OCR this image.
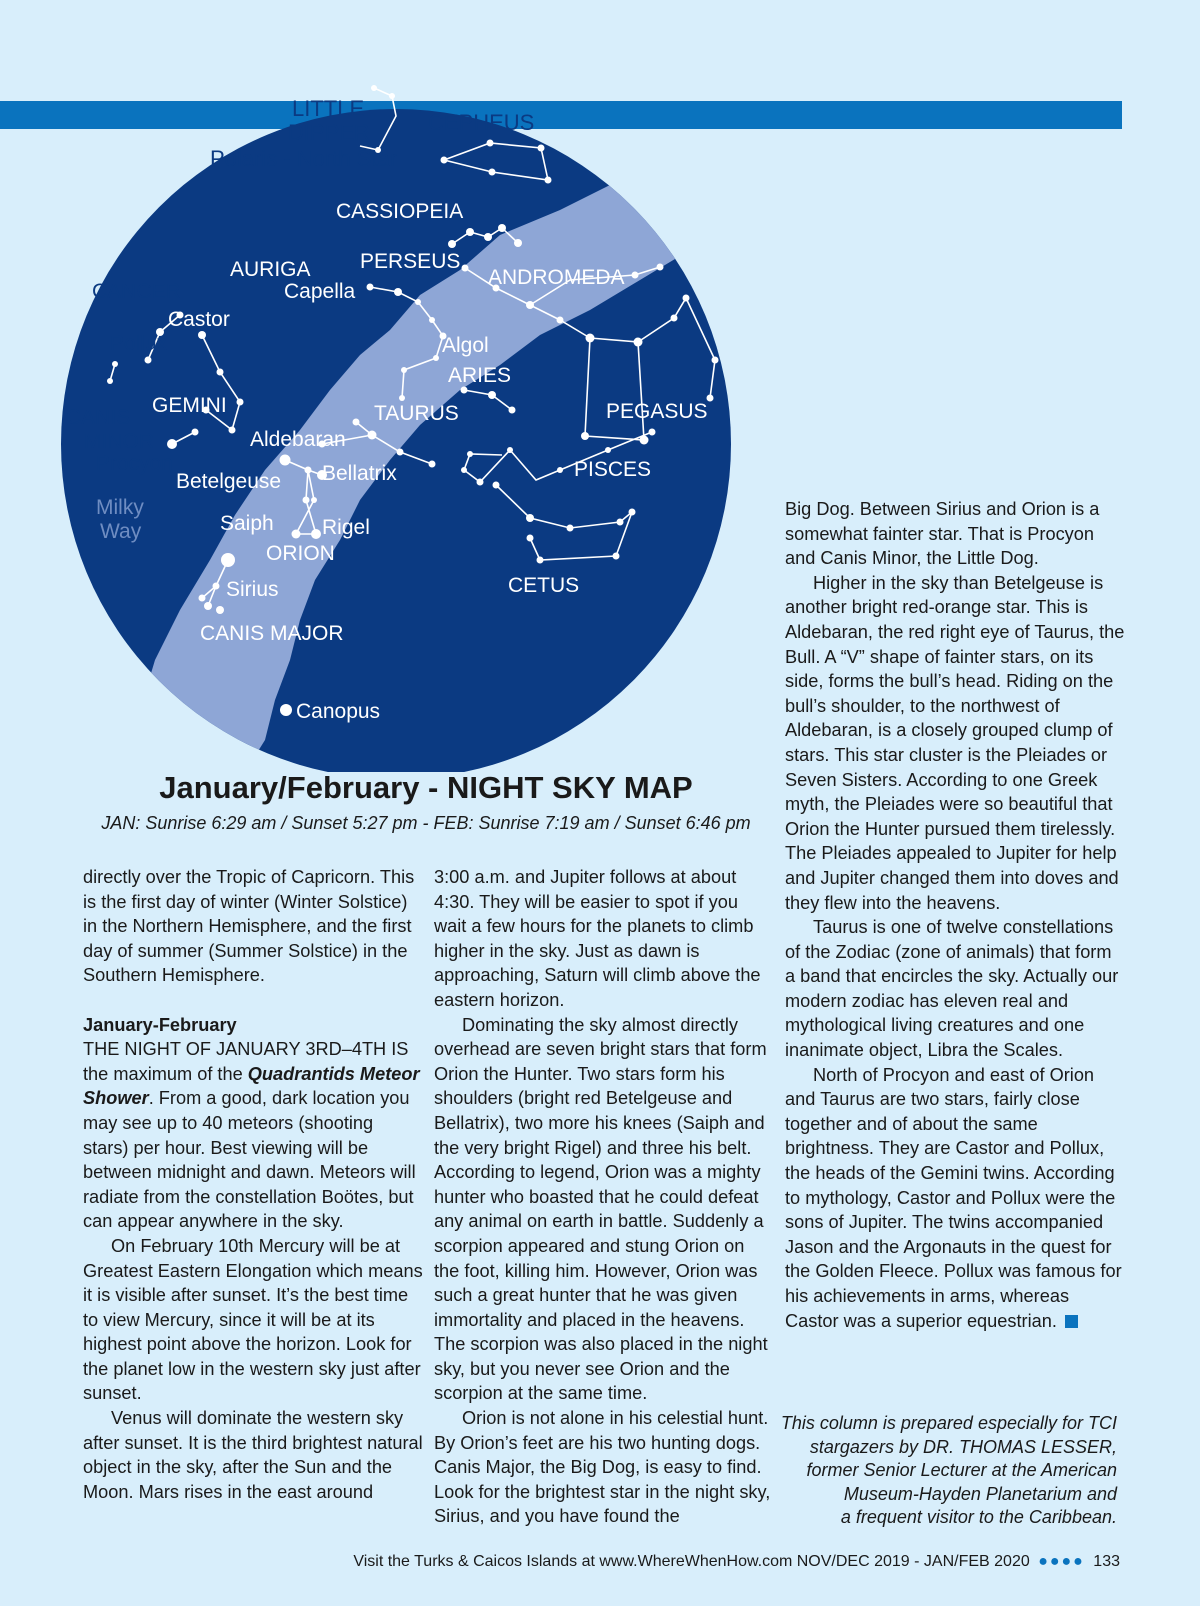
LITTLE
DIPPER
Polaris - North Star
CEPHEUS
CASSIOPEIA
AURIGA
Capella
PERSEUS
ANDROMEDA
CANCER
Castor
Pollux	Algol
ARIES
CANIS
MINOR
GEMINI	TAURUS	PEGASUS
Aldebaran
Procyon	Bellatrix	PISCES
Betelgeuse
Milky
Way	Saiph Rigel
ORION
Sirius	CETUS
CANIS MAJOR
Canopus
January/February - NIGHT SKY MAP
JAN: Sunrise 6:29 am / Sunset 5:27 pm - FEB: Sunrise 7:19 am / Sunset 6:46 pm

directly over the Tropic of Capricorn. This is the first day of winter (Winter Solstice) in the Northern Hemisphere, and the first day of summer (Summer Solstice) in the Southern Hemisphere.

January-February

THE NIGHT OF JANUARY 3RD–4TH IS the maximum of the Quadrantids Meteor Shower. From a good, dark location you may see up to 40 meteors (shooting stars) per hour. Best viewing will be between midnight and dawn. Meteors will radiate from the constellation Boötes, but can appear anywhere in the sky.

On February 10th Mercury will be at Greatest Eastern Elongation which means it is visible after sunset. It’s the best time to view Mercury, since it will be at its highest point above the horizon. Look for the planet low in the western sky just after sunset.

Venus will dominate the western sky after sunset. It is the third brightest natural object in the sky, after the Sun and the Moon. Mars rises in the east around

3:00 a.m. and Jupiter follows at about 4:30. They will be easier to spot if you wait a few hours for the planets to climb higher in the sky. Just as dawn is approaching, Saturn will climb above the eastern horizon.

Dominating the sky almost directly overhead are seven bright stars that form Orion the Hunter. Two stars form his shoulders (bright red Betelgeuse and Bellatrix), two more his knees (Saiph and the very bright Rigel) and three his belt. According to legend, Orion was a mighty hunter who boasted that he could defeat any animal on earth in battle. Suddenly a scorpion appeared and stung Orion on the foot, killing him. However, Orion was such a great hunter that he was given immortality and placed in the heavens. The scorpion was also placed in the night sky, but you never see Orion and the scorpion at the same time.

Orion is not alone in his celestial hunt. By Orion’s feet are his two hunting dogs. Canis Major, the Big Dog, is easy to find. Look for the brightest star in the night sky, Sirius, and you have found the

Big Dog. Between Sirius and Orion is a somewhat fainter star. That is Procyon and Canis Minor, the Little Dog.

Higher in the sky than Betelgeuse is another bright red-orange star. This is Aldebaran, the red right eye of Taurus, the Bull. A “V” shape of fainter stars, on its side, forms the bull’s head. Riding on the bull’s shoulder, to the northwest of Aldebaran, is a closely grouped clump of stars. This star cluster is the Pleiades or Seven Sisters. According to one Greek myth, the Pleiades were so beautiful that Orion the Hunter pursued them tirelessly. The Pleiades appealed to Jupiter for help and Jupiter changed them into doves and they flew into the heavens.

Taurus is one of twelve constellations of the Zodiac (zone of animals) that form a band that encircles the sky. Actually our modern zodiac has eleven real and mythological living creatures and one inanimate object, Libra the Scales.

North of Procyon and east of Orion and Taurus are two stars, fairly close together and of about the same brightness. They are Castor and Pollux, the heads of the Gemini twins. According to mythology, Castor and Pollux were the sons of Jupiter. The twins accompanied Jason and the Argonauts in the quest for the Golden Fleece. Pollux was famous for his achievements in arms, whereas Castor was a superior equestrian.

This column is prepared especially for TCI
stargazers by DR. THOMAS LESSER,
former Senior Lecturer at the American
Museum-Hayden Planetarium and
a frequent visitor to the Caribbean.
Visit the Turks & Caicos Islands at www.WhereWhenHow.com NOV/DEC 2019 - JAN/FEB 2020 ●●●● 133
